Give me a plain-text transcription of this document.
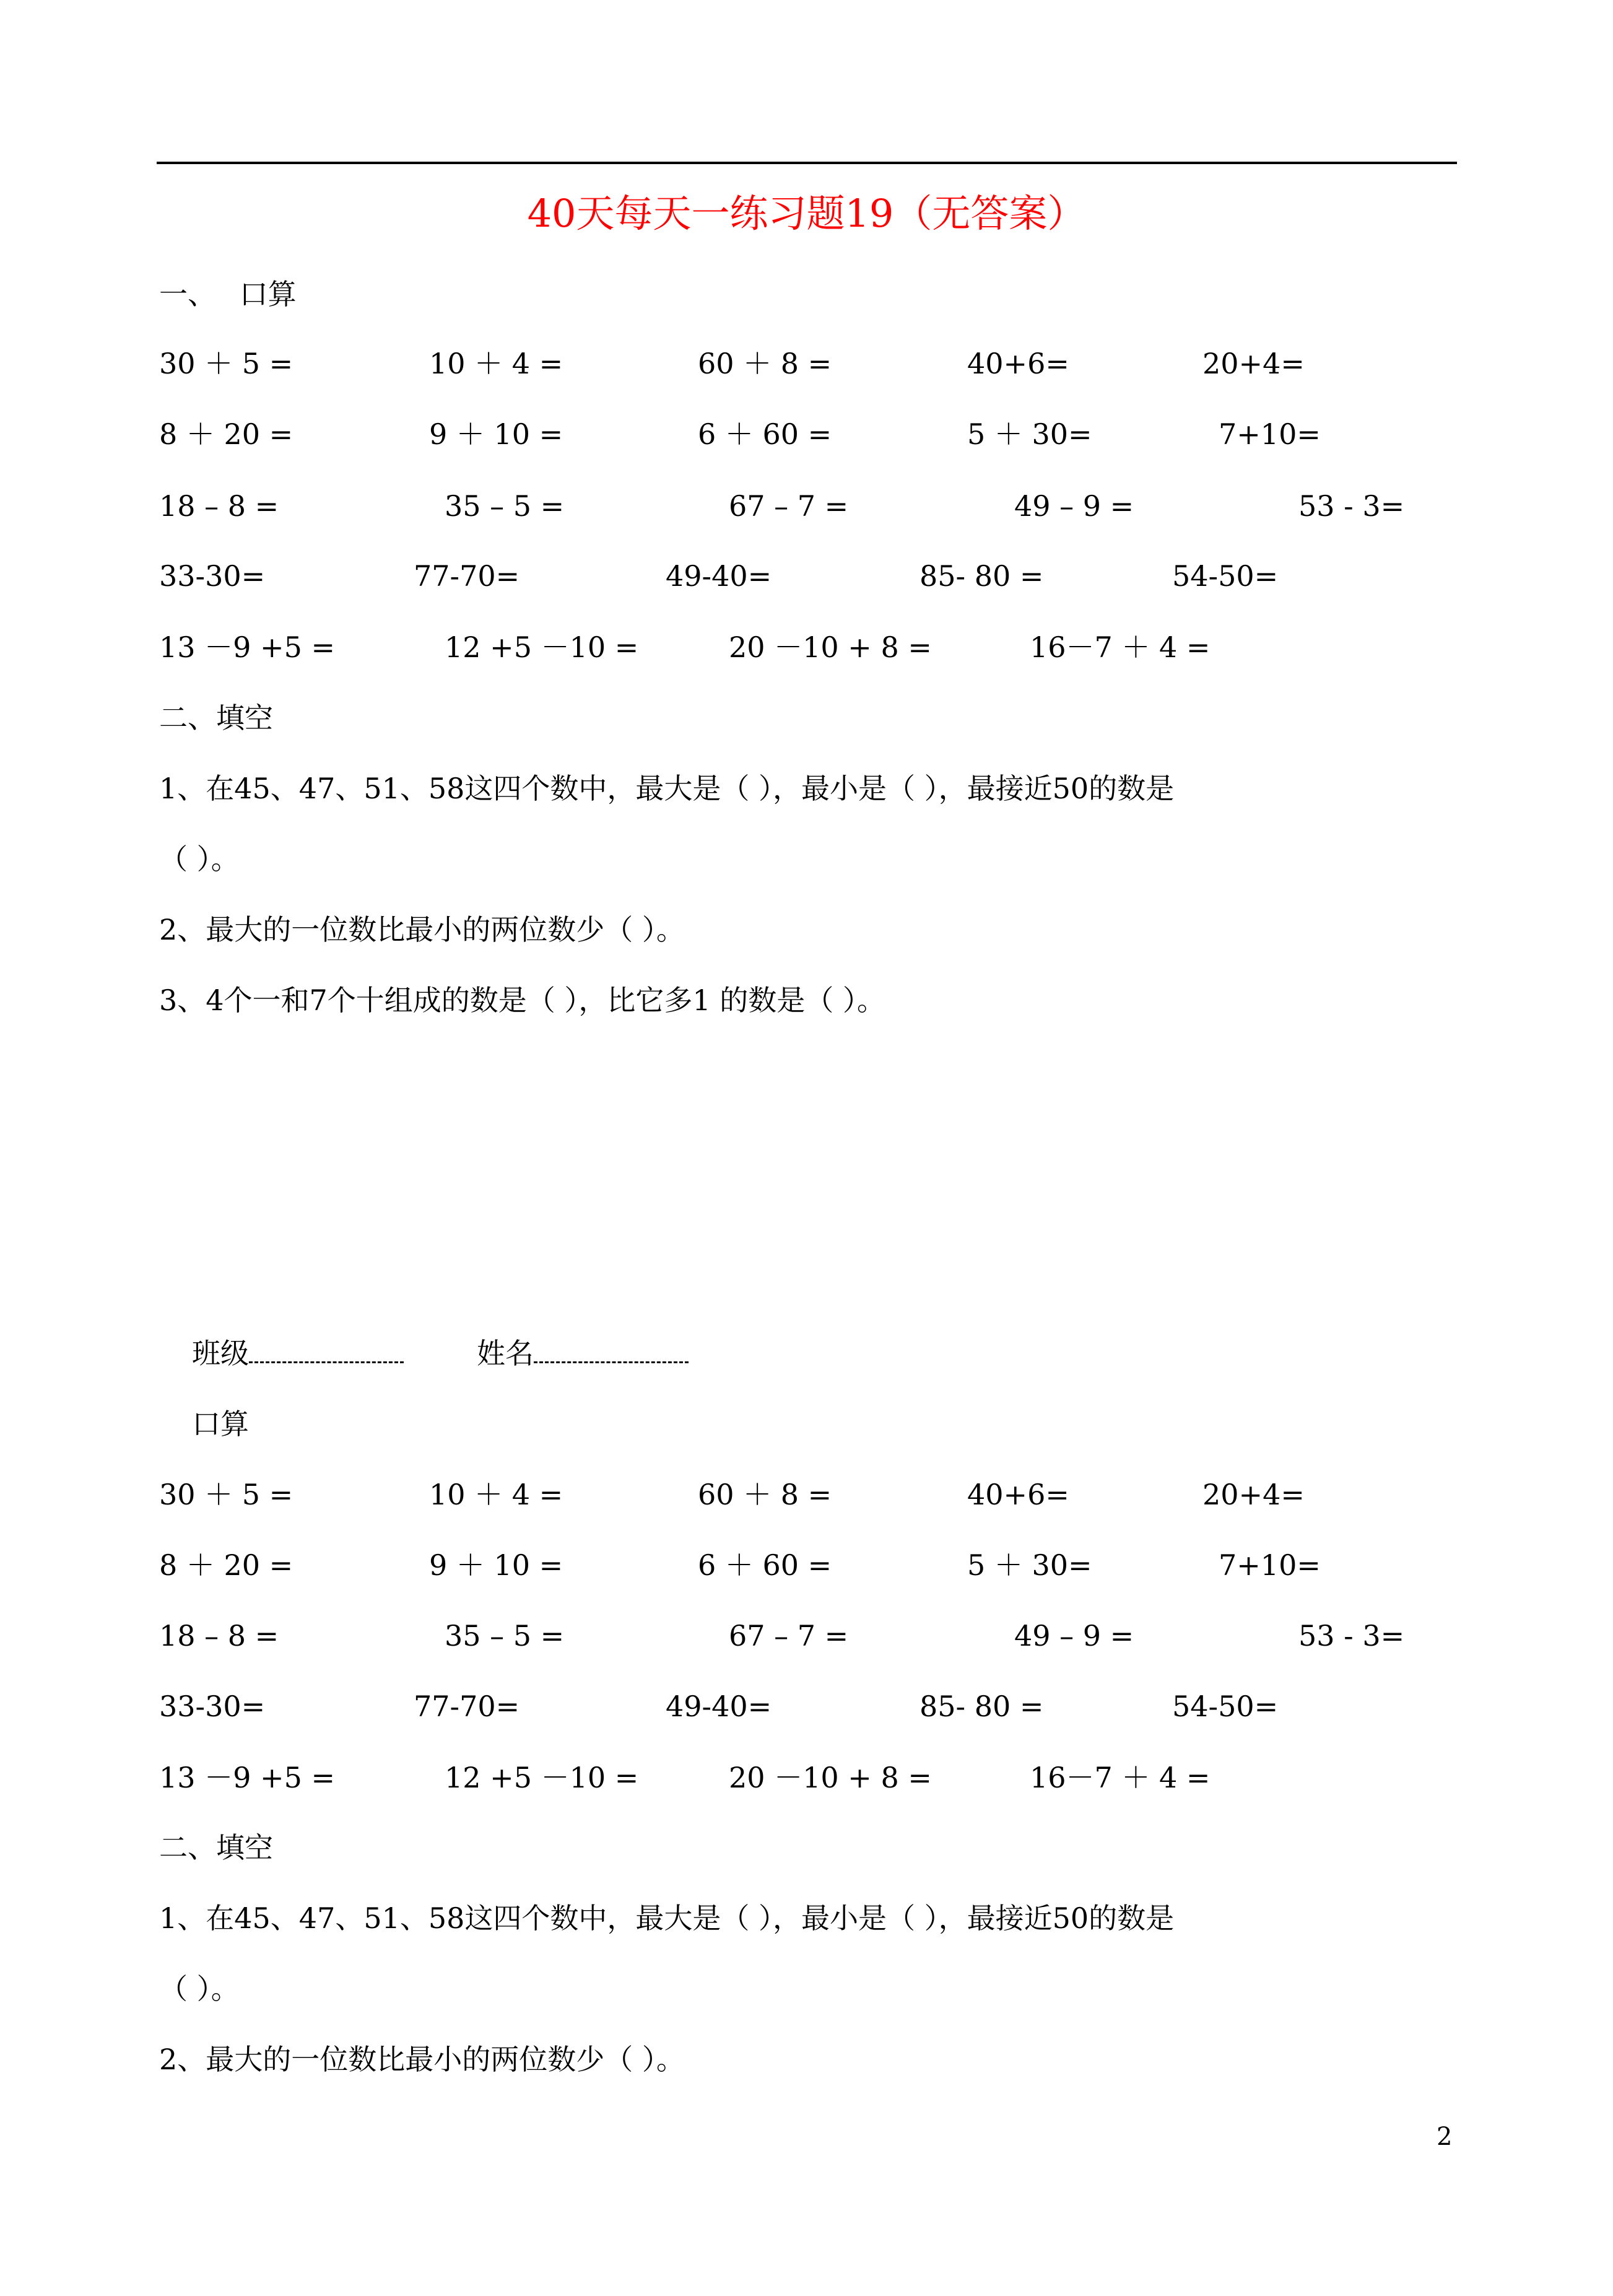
40天每天一练习题19（无答案）
一、　 口算
30 ＋ 5 =	10 ＋ 4 =	60 ＋ 8 =	40+6=	20+4=
8 ＋ 20 =	9 ＋ 10 =	6 ＋ 60 =	5 ＋ 30=	7+10=
18 – 8 =	35 – 5 =	67 – 7 =	49 – 9 =	53 - 3=
33-30=	77-70=	49-40=	85- 80 =	54-50=
13 －9 +5 =	12 +5 －10 =	20 －10 + 8 =	16－7 ＋ 4 =
二、填空
1、在45、47、51、58这四个数中，最大是（ ），最小是（ ），最接近50的数是
（ ）。
2、最大的一位数比最小的两位数少（ ）。
3、4个一和7个十组成的数是（ ），比它多1 的数是（ ）。
班级	姓名
口算
30 ＋ 5 =	10 ＋ 4 =	60 ＋ 8 =	40+6=	20+4=
8 ＋ 20 =	9 ＋ 10 =	6 ＋ 60 =	5 ＋ 30=	7+10=
18 – 8 =	35 – 5 =	67 – 7 =	49 – 9 =	53 - 3=
33-30=	77-70=	49-40=	85- 80 =	54-50=
13 －9 +5 =	12 +5 －10 =	20 －10 + 8 =	16－7 ＋ 4 =
二、填空
1、在45、47、51、58这四个数中，最大是（ ），最小是（ ），最接近50的数是
（ ）。
2、最大的一位数比最小的两位数少（ ）。
2
